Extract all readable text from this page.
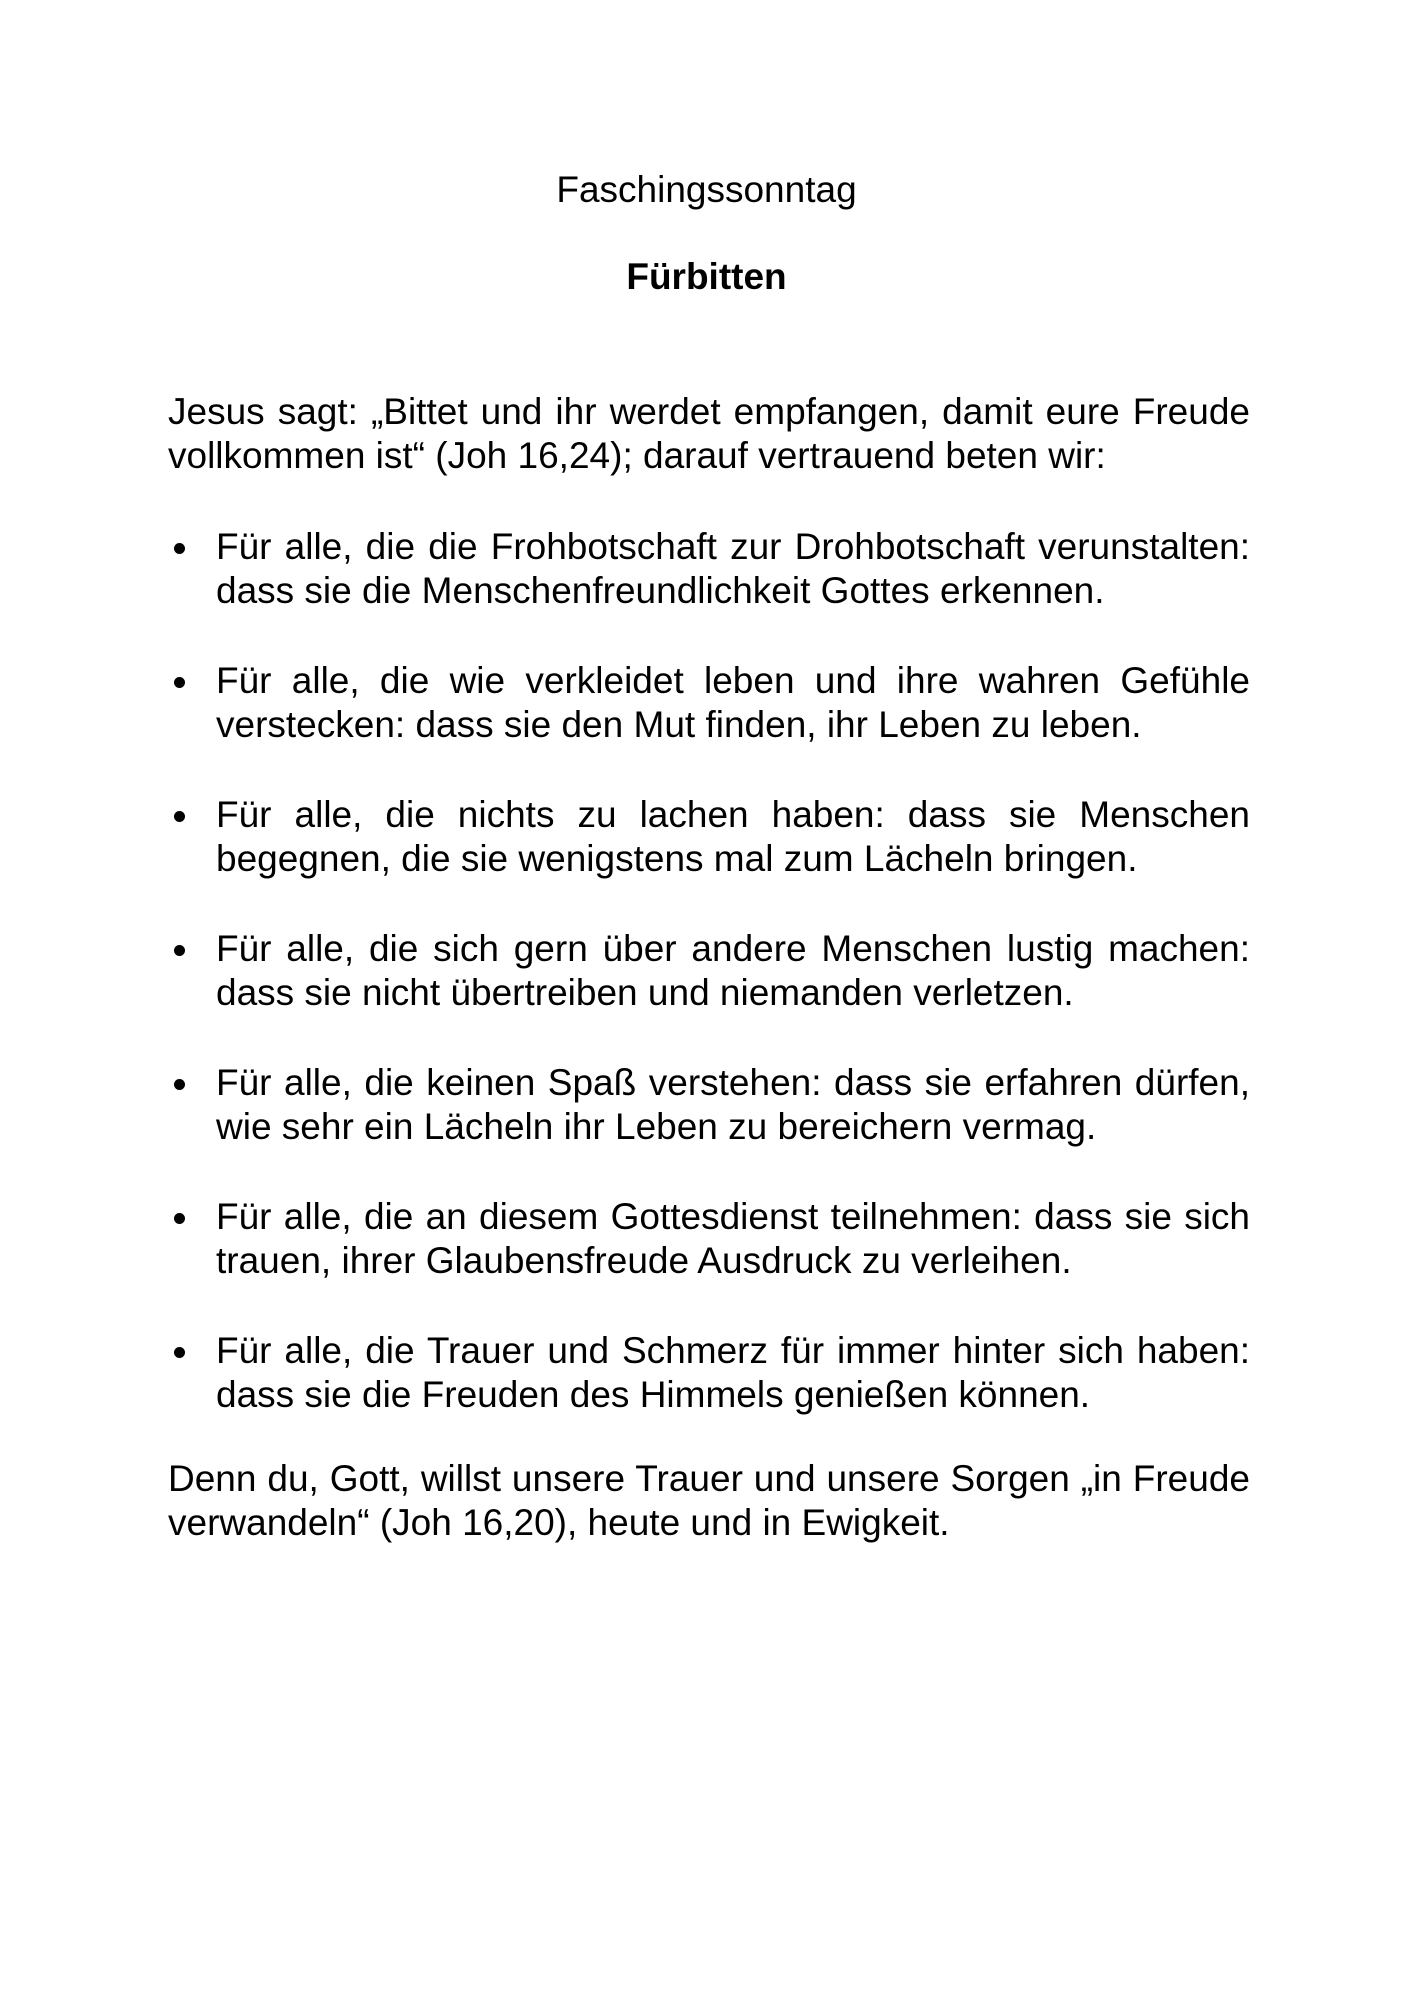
Faschingssonntag
Fürbitten
Jesus sagt: „Bittet und ihr werdet empfangen, damit eure Freude vollkommen ist“ (Joh 16,24); darauf vertrauend beten wir:
Für alle, die die Frohbotschaft zur Drohbotschaft verunstalten: dass sie die Menschenfreundlichkeit Gottes erkennen.
Für alle, die wie verkleidet leben und ihre wahren Gefühle verstecken: dass sie den Mut finden, ihr Leben zu leben.
Für alle, die nichts zu lachen haben: dass sie Menschen begegnen, die sie wenigstens mal zum Lächeln bringen.
Für alle, die sich gern über andere Menschen lustig machen: dass sie nicht übertreiben und niemanden verletzen.
Für alle, die keinen Spaß verstehen: dass sie erfahren dürfen, wie sehr ein Lächeln ihr Leben zu bereichern vermag.
Für alle, die an diesem Gottesdienst teilnehmen: dass sie sich trauen, ihrer Glaubensfreude Ausdruck zu verleihen.
Für alle, die Trauer und Schmerz für immer hinter sich haben: dass sie die Freuden des Himmels genießen können.
Denn du, Gott, willst unsere Trauer und unsere Sorgen „in Freude verwandeln“ (Joh 16,20), heute und in Ewigkeit.
